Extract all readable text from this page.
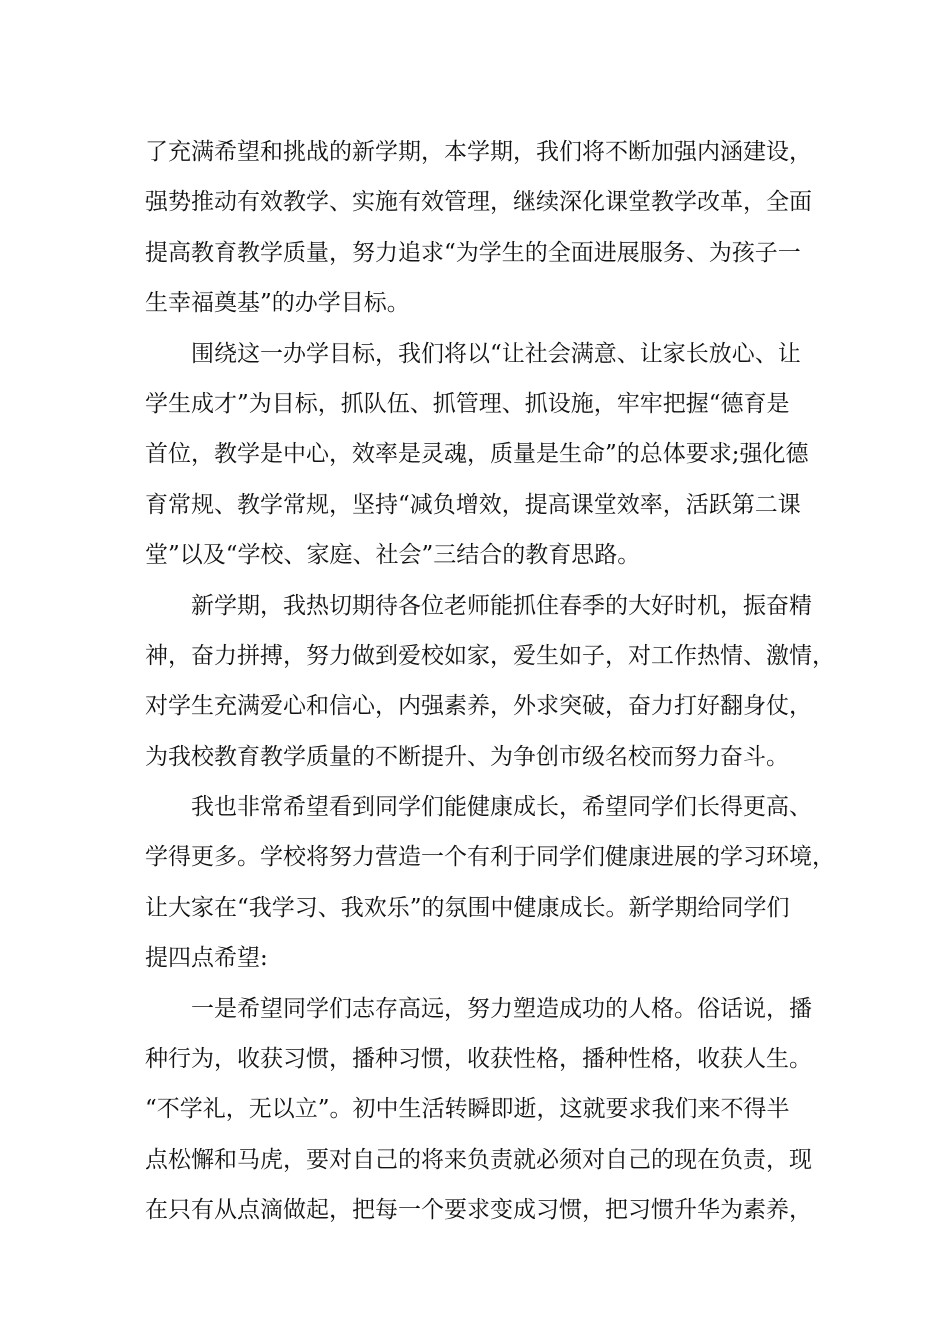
了充满希望和挑战的新学期，本学期，我们将不断加强内涵建设，
强势推动有效教学、实施有效管理，继续深化课堂教学改革，全面
提高教育教学质量，努力追求“为学生的全面进展服务、为孩子一
生幸福奠基”的办学目标。
围绕这一办学目标，我们将以“让社会满意、让家长放心、让
学生成才”为目标，抓队伍、抓管理、抓设施，牢牢把握“德育是
首位，教学是中心，效率是灵魂，质量是生命”的总体要求;强化德
育常规、教学常规，坚持“减负增效，提高课堂效率，活跃第二课
堂”以及“学校、家庭、社会”三结合的教育思路。
新学期，我热切期待各位老师能抓住春季的大好时机，振奋精
神，奋力拼搏，努力做到爱校如家，爱生如子，对工作热情、激情，
对学生充满爱心和信心，内强素养，外求突破，奋力打好翻身仗，
为我校教育教学质量的不断提升、为争创市级名校而努力奋斗。
我也非常希望看到同学们能健康成长，希望同学们长得更高、
学得更多。学校将努力营造一个有利于同学们健康进展的学习环境，
让大家在“我学习、我欢乐”的氛围中健康成长。新学期给同学们
提四点希望:
一是希望同学们志存高远，努力塑造成功的人格。俗话说，播
种行为，收获习惯，播种习惯，收获性格，播种性格，收获人生。
“不学礼，无以立”。初中生活转瞬即逝，这就要求我们来不得半
点松懈和马虎，要对自己的将来负责就必须对自己的现在负责，现
在只有从点滴做起，把每一个要求变成习惯，把习惯升华为素养，
